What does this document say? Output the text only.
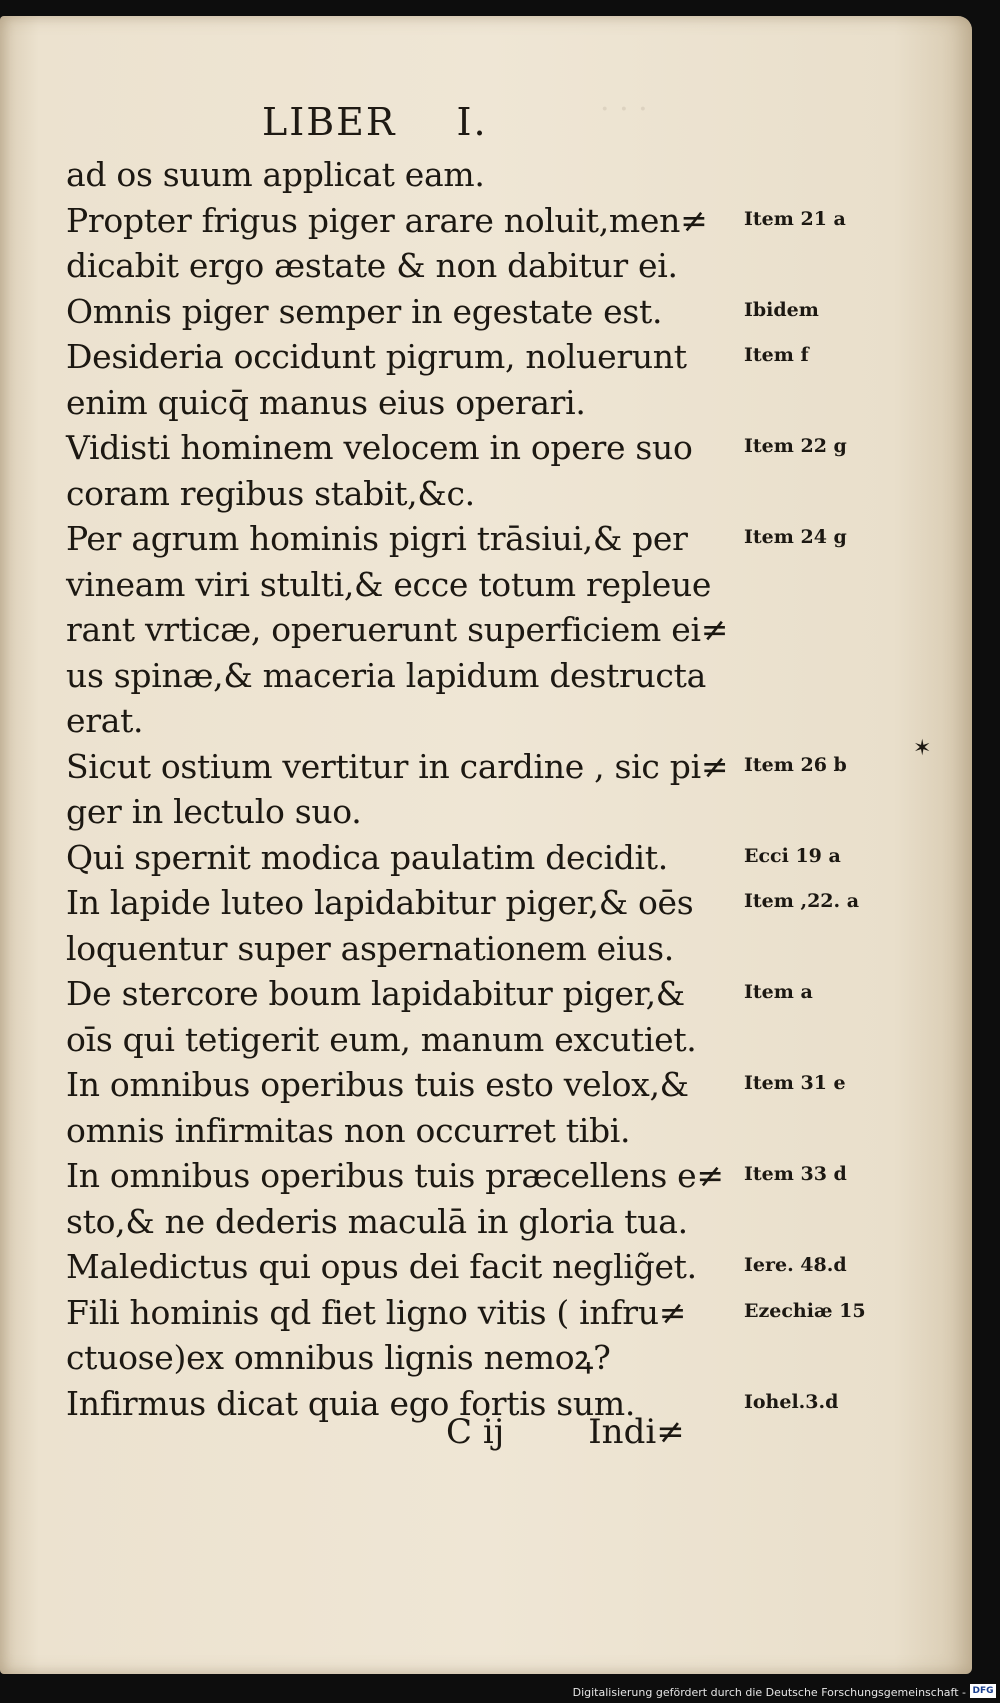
· · ·
LIBER I.
ad os suum applicat eam.
Propter frigus piger arare noluit,men≠
dicabit ergo æstate & non dabitur ei.
Omnis piger semper in egestate est.
Desideria occidunt pigrum, noluerunt
enim quicq̄ manus eius operari.
Vidisti hominem velocem in opere suo
coram regibus stabit,&c.
Per agrum hominis pigri trāsiui,& per
vineam viri stulti,& ecce totum repleue
rant vrticæ, operuerunt superficiem ei≠
us spinæ,& maceria lapidum destructa
erat.
Sicut ostium vertitur in cardine , sic pi≠
ger in lectulo suo.
Qui spernit modica paulatim decidit.
In lapide luteo lapidabitur piger,& oēs
loquentur super aspernationem eius.
De stercore boum lapidabitur piger,&
oīs qui tetigerit eum, manum excutiet.
In omnibus operibus tuis esto velox,&
omnis infirmitas non occurret tibi.
In omnibus operibus tuis præcellens e≠
sto,& ne dederis maculā in gloria tua.
Maledictus qui opus dei facit neglig̃et.
Fili hominis qd fiet ligno vitis ( infru≠
ctuose)ex omnibus lignis nemoꝝ?
Infirmus dicat quia ego fortis sum.
Item 21 a
Ibidem
Item f
Item 22 g
Item 24 g
Item 26 b
Ecci 19 a
Item ,22. a
Item a
Item 31 e
Item 33 d
Iere. 48.d
Ezechiæ 15
Iohel.3.d
✶
C ij Indi≠
Digitalisierung gefördert durch die Deutsche Forschungsgemeinschaft - DFG
